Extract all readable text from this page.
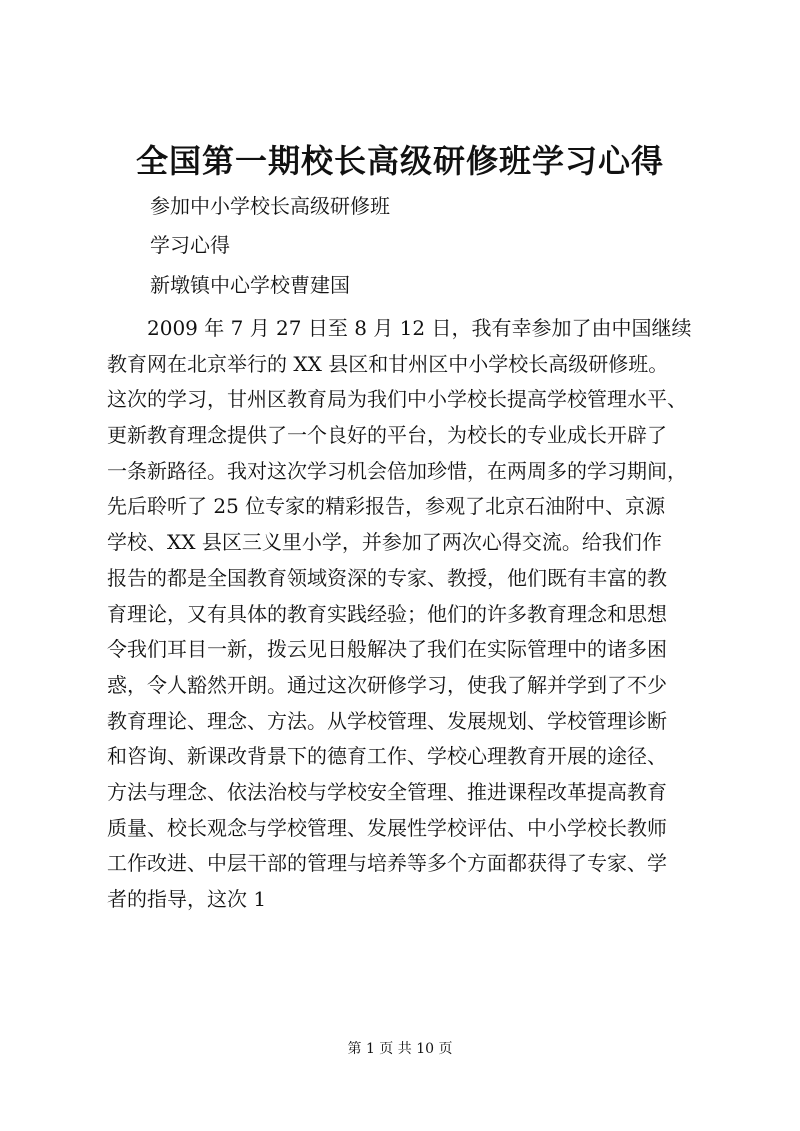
全国第一期校长高级研修班学习心得
参加中小学校长高级研修班
学习心得
新墩镇中心学校曹建国
　　2009 年 7 月 27 日至 8 月 12 日，我有幸参加了由中国继续
教育网在北京举行的 XX 县区和甘州区中小学校长高级研修班。
这次的学习，甘州区教育局为我们中小学校长提高学校管理水平、
更新教育理念提供了一个良好的平台，为校长的专业成长开辟了
一条新路径。我对这次学习机会倍加珍惜，在两周多的学习期间，
先后聆听了 25 位专家的精彩报告，参观了北京石油附中、京源
学校、XX 县区三义里小学，并参加了两次心得交流。给我们作
报告的都是全国教育领域资深的专家、教授，他们既有丰富的教
育理论，又有具体的教育实践经验；他们的许多教育理念和思想
令我们耳目一新，拨云见日般解决了我们在实际管理中的诸多困
惑，令人豁然开朗。通过这次研修学习，使我了解并学到了不少
教育理论、理念、方法。从学校管理、发展规划、学校管理诊断
和咨询、新课改背景下的德育工作、学校心理教育开展的途径、
方法与理念、依法治校与学校安全管理、推进课程改革提高教育
质量、校长观念与学校管理、发展性学校评估、中小学校长教师
工作改进、中层干部的管理与培养等多个方面都获得了专家、学
者的指导，这次 1
第 1 页 共 10 页
